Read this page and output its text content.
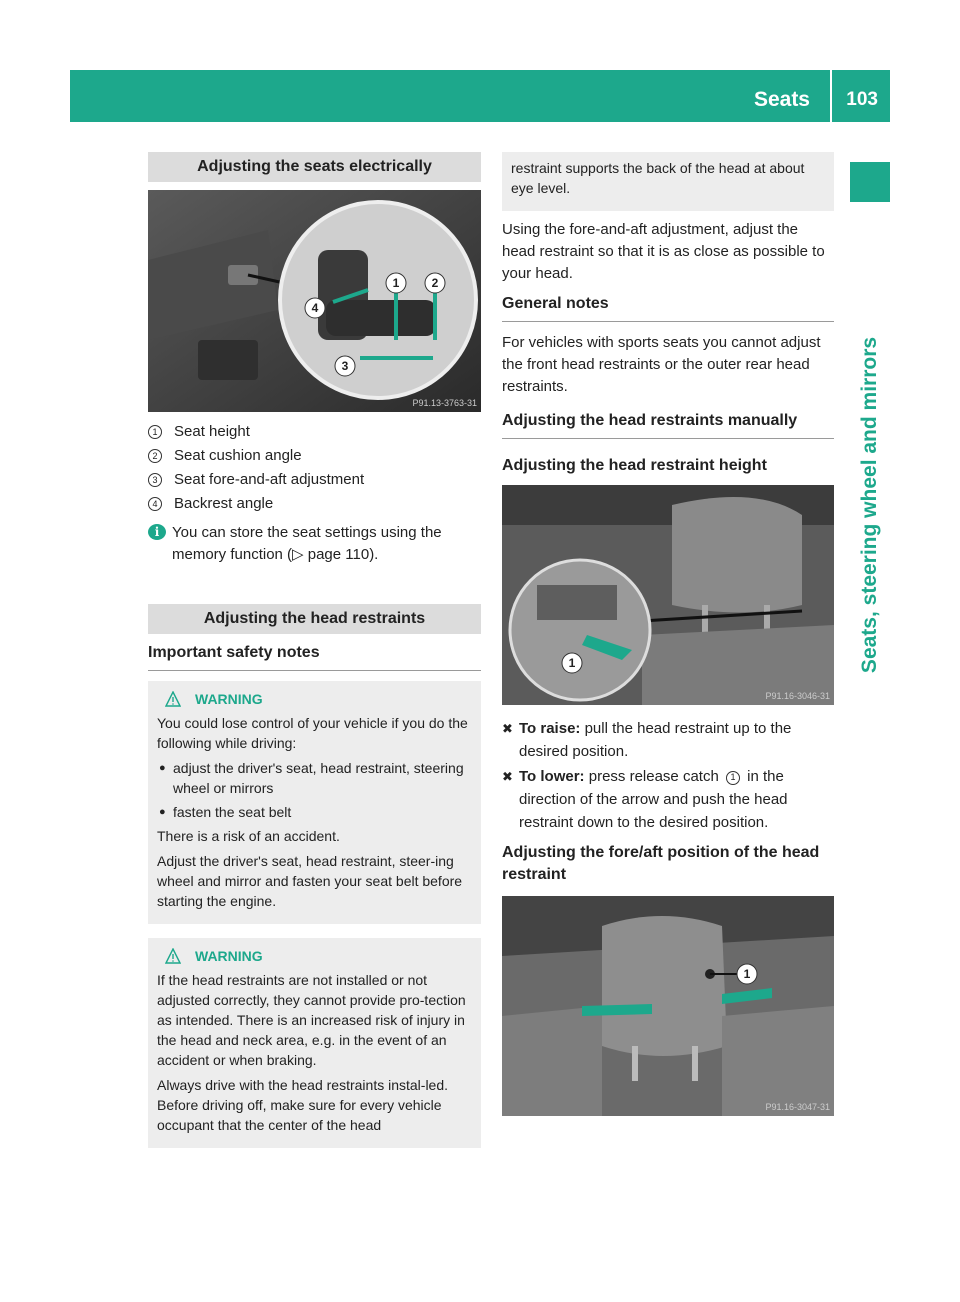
Seats	103
Seats, steering wheel and mirrors
Adjusting the seats electrically
1	2
3
4
P91.13-3763-31
1	Seat height
2	Seat cushion angle
3	Seat fore-and-aft adjustment
4	Backrest angle
i You can store the seat settings using the memory function (▷ page 110).
Adjusting the head restraints
Important safety notes
WARNING

You could lose control of your vehicle if you do the following while driving:

● adjust the driver's seat, head restraint, steering wheel or mirrors
● fasten the seat belt

There is a risk of an accident.

Adjust the driver's seat, head restraint, steer-ing wheel and mirror and fasten your seat belt before starting the engine.

WARNING

If the head restraints are not installed or not adjusted correctly, they cannot provide pro-tection as intended. There is an increased risk of injury in the head and neck area, e.g. in the event of an accident or when braking.

Always drive with the head restraints instal-led. Before driving off, make sure for every vehicle occupant that the center of the head

restraint supports the back of the head at about eye level.

Using the fore-and-aft adjustment, adjust the head restraint so that it is as close as possible to your head.

General notes

For vehicles with sports seats you cannot adjust the front head restraints or the outer rear head restraints.

Adjusting the head restraints manually
Adjusting the head restraint height
1
P91.16-3046-31
✖ To raise: pull the head restraint up to the desired position.
✖ To lower: press release catch 1 in the direction of the arrow and push the head restraint down to the desired position.
Adjusting the fore/aft position of the head restraint
1
P91.16-3047-31
